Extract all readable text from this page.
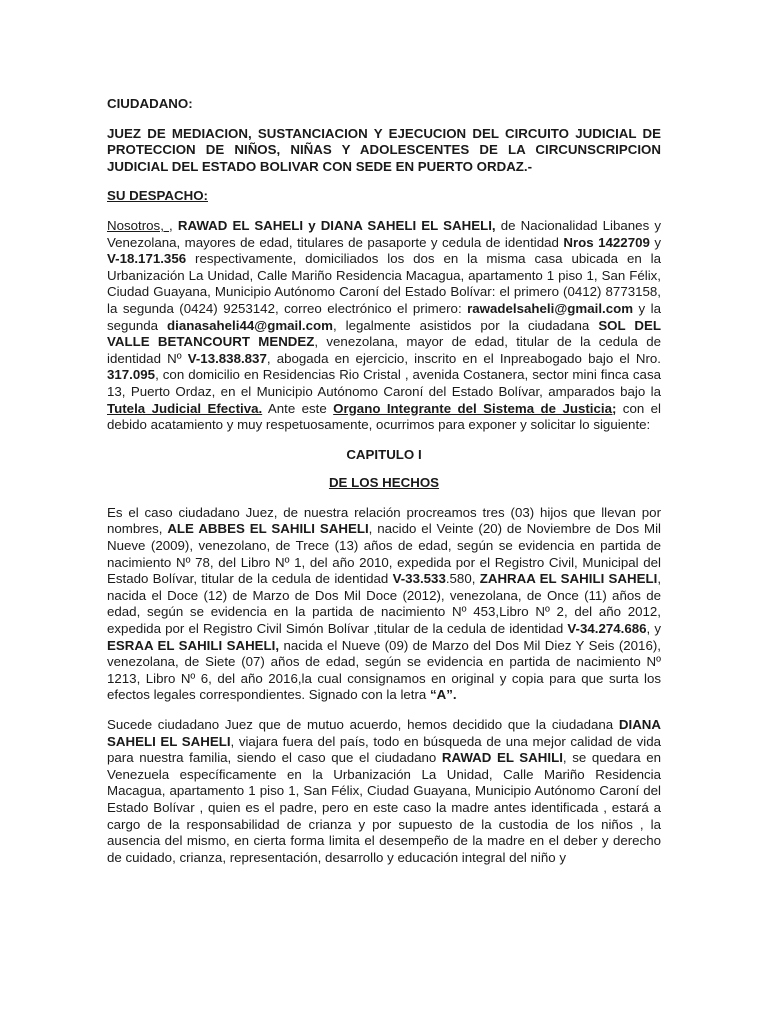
CIUDADANO:

JUEZ DE MEDIACION, SUSTANCIACION Y EJECUCION DEL CIRCUITO JUDICIAL DE PROTECCION DE NIÑOS, NIÑAS Y ADOLESCENTES DE LA CIRCUNSCRIPCION JUDICIAL DEL ESTADO BOLIVAR CON SEDE EN PUERTO ORDAZ.-

SU DESPACHO:

Nosotros, , RAWAD EL SAHELI y DIANA SAHELI EL SAHELI, de Nacionalidad Libanes y Venezolana, mayores de edad, titulares de pasaporte y cedula de identidad Nros 1422709 y V-18.171.356 respectivamente, domiciliados los dos en la misma casa ubicada en la Urbanización La Unidad, Calle Mariño Residencia Macagua, apartamento 1 piso 1, San Félix, Ciudad Guayana, Municipio Autónomo Caroní del Estado Bolívar: el primero (0412) 8773158, la segunda (0424) 9253142, correo electrónico el primero: rawadelsaheli@gmail.com y la segunda dianasaheli44@gmail.com, legalmente asistidos por la ciudadana SOL DEL VALLE BETANCOURT MENDEZ, venezolana, mayor de edad, titular de la cedula de identidad Nº V-13.838.837, abogada en ejercicio, inscrito en el Inpreabogado bajo el Nro. 317.095, con domicilio en Residencias Rio Cristal , avenida Costanera, sector mini finca casa 13, Puerto Ordaz, en el Municipio Autónomo Caroní del Estado Bolívar, amparados bajo la Tutela Judicial Efectiva. Ante este Organo Integrante del Sistema de Justicia; con el debido acatamiento y muy respetuosamente, ocurrimos para exponer y solicitar lo siguiente:

CAPITULO I

DE LOS HECHOS

Es el caso ciudadano Juez, de nuestra relación procreamos tres (03) hijos que llevan por nombres, ALE ABBES EL SAHILI SAHELI, nacido el Veinte (20) de Noviembre de Dos Mil Nueve (2009), venezolano, de Trece (13) años de edad, según se evidencia en partida de nacimiento Nº 78, del Libro Nº 1, del año 2010, expedida por el Registro Civil, Municipal del Estado Bolívar, titular de la cedula de identidad V-33.533.580, ZAHRAA EL SAHILI SAHELI, nacida el Doce (12) de Marzo de Dos Mil Doce (2012), venezolana, de Once (11) años de edad, según se evidencia en la partida de nacimiento Nº 453,Libro Nº 2, del año 2012, expedida por el Registro Civil Simón Bolívar ,titular de la cedula de identidad V-34.274.686, y ESRAA EL SAHILI SAHELI, nacida el Nueve (09) de Marzo del Dos Mil Diez Y Seis (2016), venezolana, de Siete (07) años de edad, según se evidencia en partida de nacimiento Nº 1213, Libro Nº 6, del año 2016,la cual consignamos en original y copia para que surta los efectos legales correspondientes. Signado con la letra “A”.

Sucede ciudadano Juez que de mutuo acuerdo, hemos decidido que la ciudadana DIANA SAHELI EL SAHELI, viajara fuera del país, todo en búsqueda de una mejor calidad de vida para nuestra familia, siendo el caso que el ciudadano RAWAD EL SAHILI, se quedara en Venezuela específicamente en la Urbanización La Unidad, Calle Mariño Residencia Macagua, apartamento 1 piso 1, San Félix, Ciudad Guayana, Municipio Autónomo Caroní del Estado Bolívar , quien es el padre, pero en este caso la madre antes identificada , estará a cargo de la responsabilidad de crianza y por supuesto de la custodia de los niños , la ausencia del mismo, en cierta forma limita el desempeño de la madre en el deber y derecho de cuidado, crianza, representación, desarrollo y educación integral del niño y
